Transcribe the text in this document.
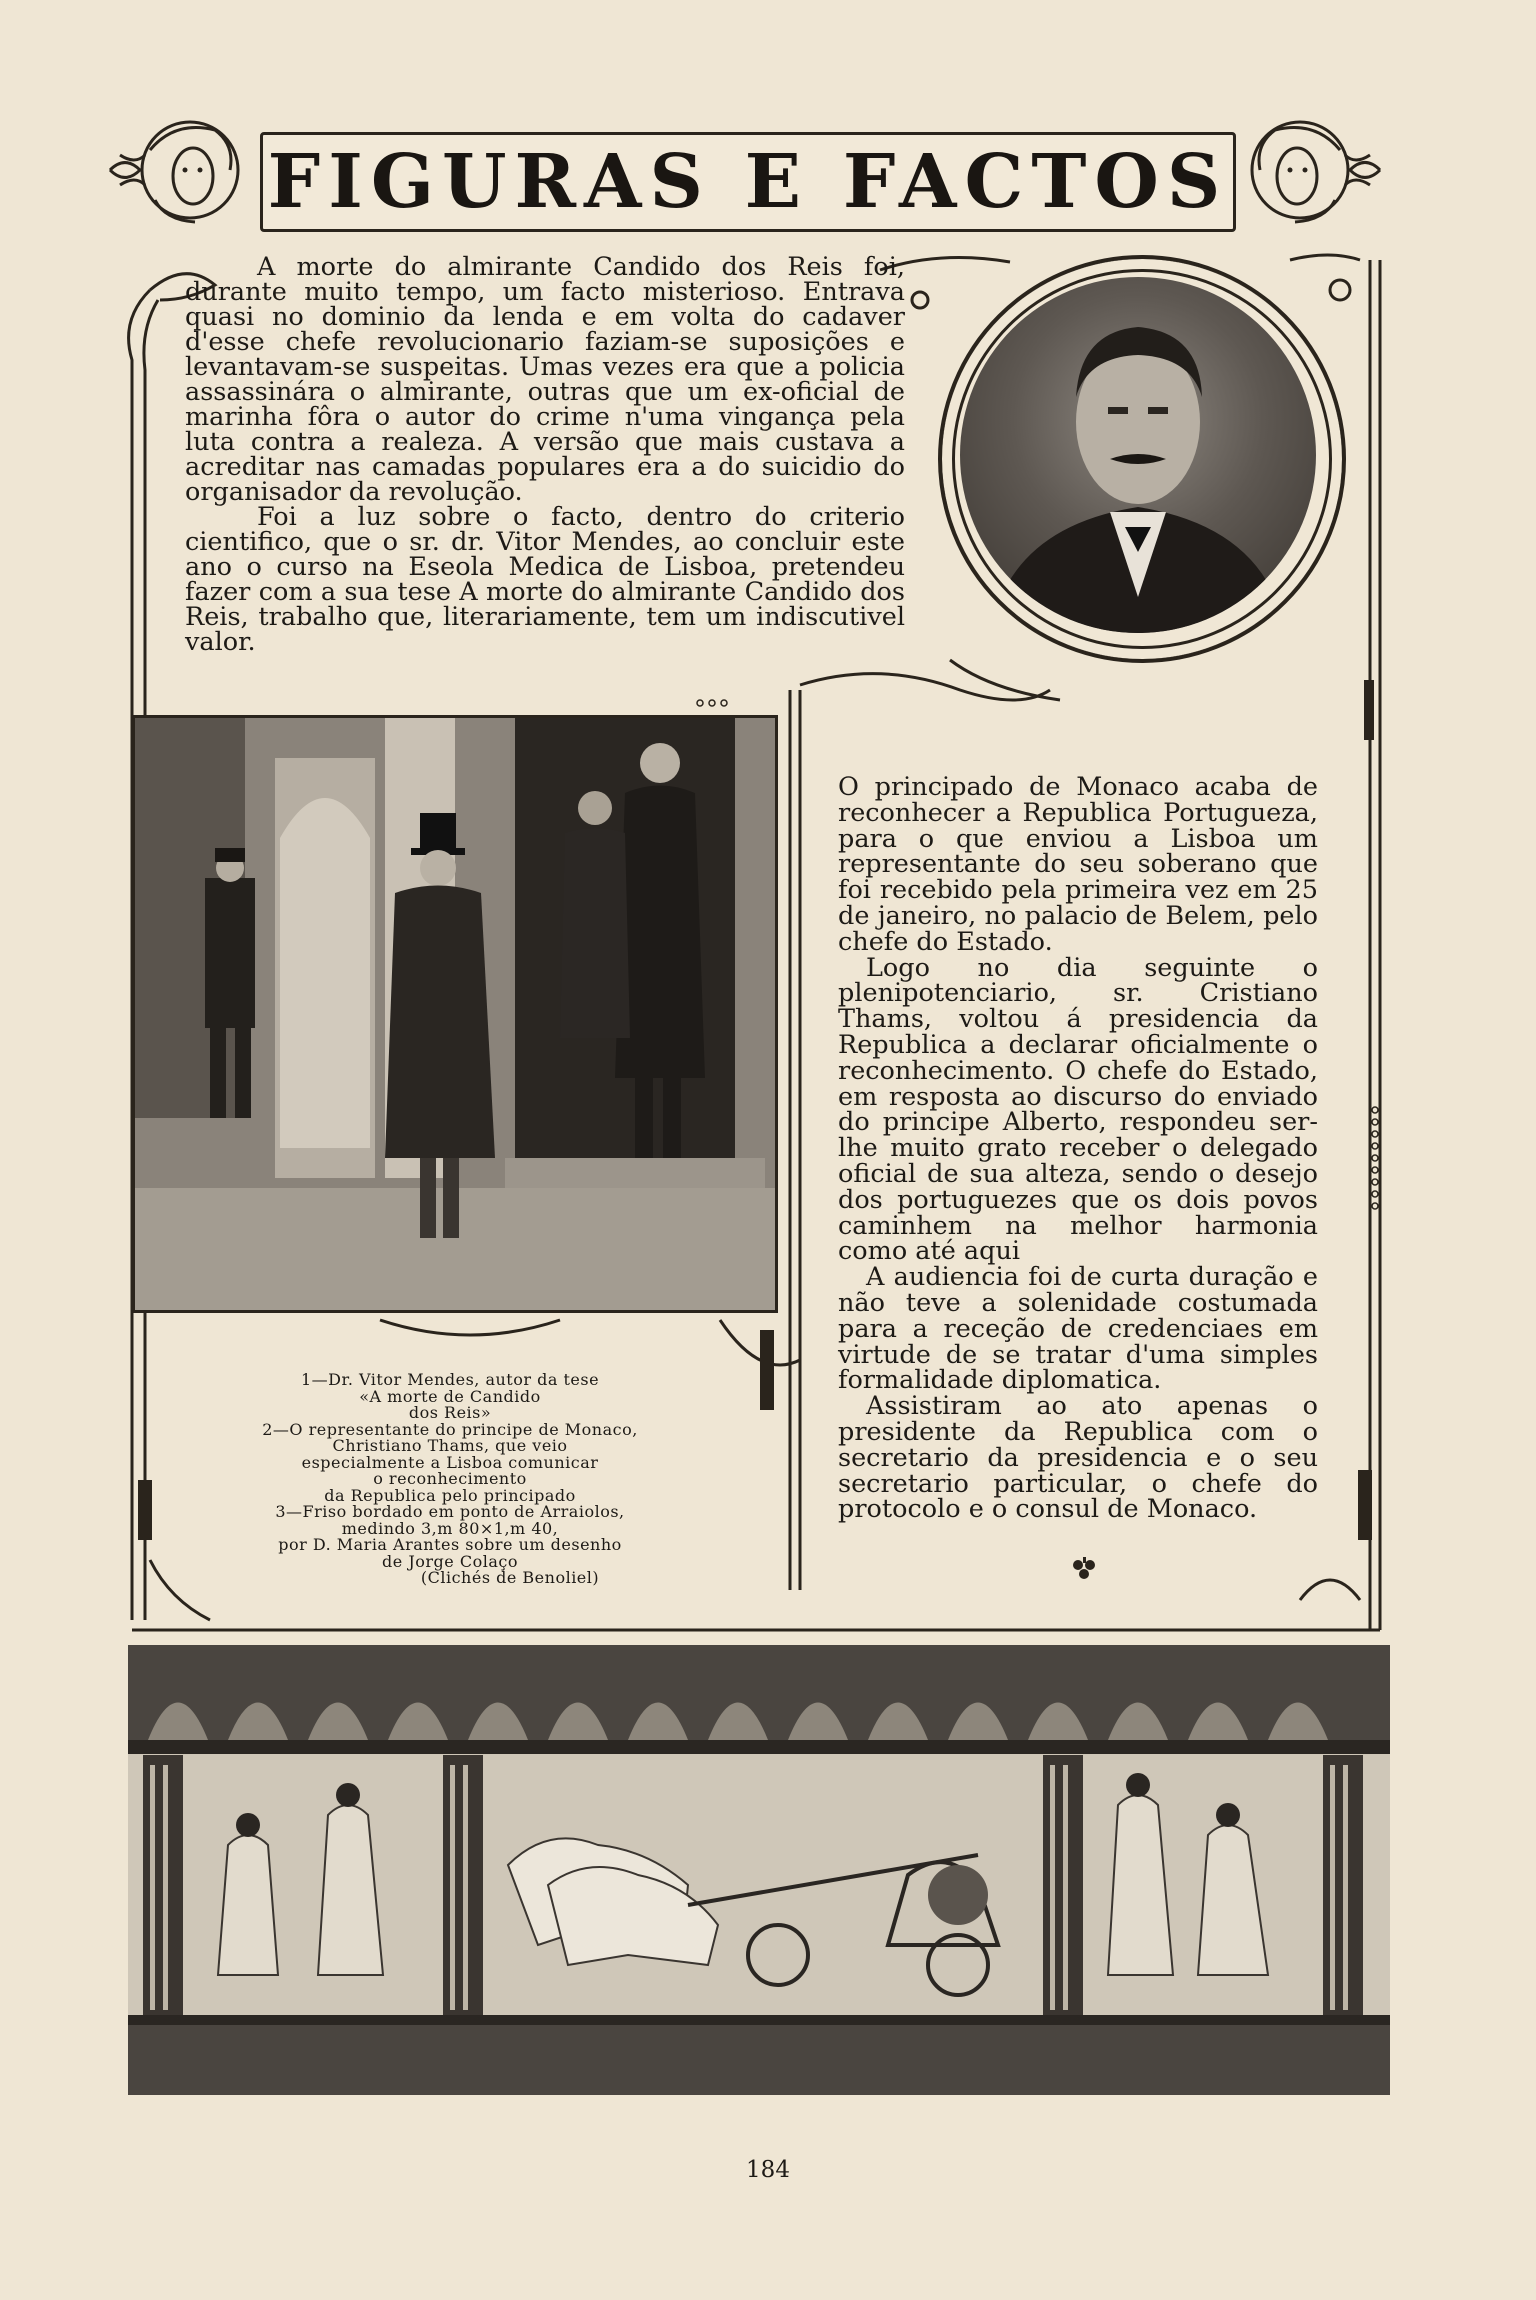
FIGURAS E FACTOS

A morte do almirante Candido dos Reis foi, durante muito tempo, um facto misterioso. Entrava quasi no dominio da lenda e em volta do cadaver d'esse chefe revolucionario faziam-se suposições e levantavam-se suspeitas. Umas vezes era que a policia assassinára o almirante, outras que um ex-oficial de marinha fôra o autor do crime n'uma vingança pela luta contra a realeza. A versão que mais custava a acreditar nas camadas populares era a do suicidio do organisador da revolução.

Foi a luz sobre o facto, dentro do criterio cientifico, que o sr. dr. Vitor Mendes, ao concluir este ano o curso na Eseola Medica de Lisboa, pretendeu fazer com a sua tese A morte do almirante Candido dos Reis, trabalho que, literariamente, tem um indiscutivel valor.

1—Dr. Vitor Mendes, autor da tese
«A morte de Candido
dos Reis»
2—O representante do principe de Monaco,
Christiano Thams, que veio
especialmente a Lisboa comunicar
o reconhecimento
da Republica pelo principado
3—Friso bordado em ponto de Arraiolos,
medindo 3,m 80×1,m 40,
por D. Maria Arantes sobre um desenho
de Jorge Colaço
(Clichés de Benoliel)

O principado de Monaco acaba de reconhecer a Republica Portugueza, para o que enviou a Lisboa um representante do seu soberano que foi recebido pela primeira vez em 25 de janeiro, no palacio de Belem, pelo chefe do Estado.

Logo no dia seguinte o plenipotenciario, sr. Cristiano Thams, voltou á presidencia da Republica a declarar oficialmente o reconhecimento. O chefe do Estado, em resposta ao discurso do enviado do principe Alberto, respondeu ser-lhe muito grato receber o delegado oficial de sua alteza, sendo o desejo dos portuguezes que os dois povos caminhem na melhor harmonia como até aqui

A audiencia foi de curta duração e não teve a solenidade costumada para a receção de credenciaes em virtude de se tratar d'uma simples formalidade diplomatica.

Assistiram ao ato apenas o presidente da Republica com o secretario da presidencia e o seu secretario particular, o chefe do protocolo e o consul de Monaco.

184
